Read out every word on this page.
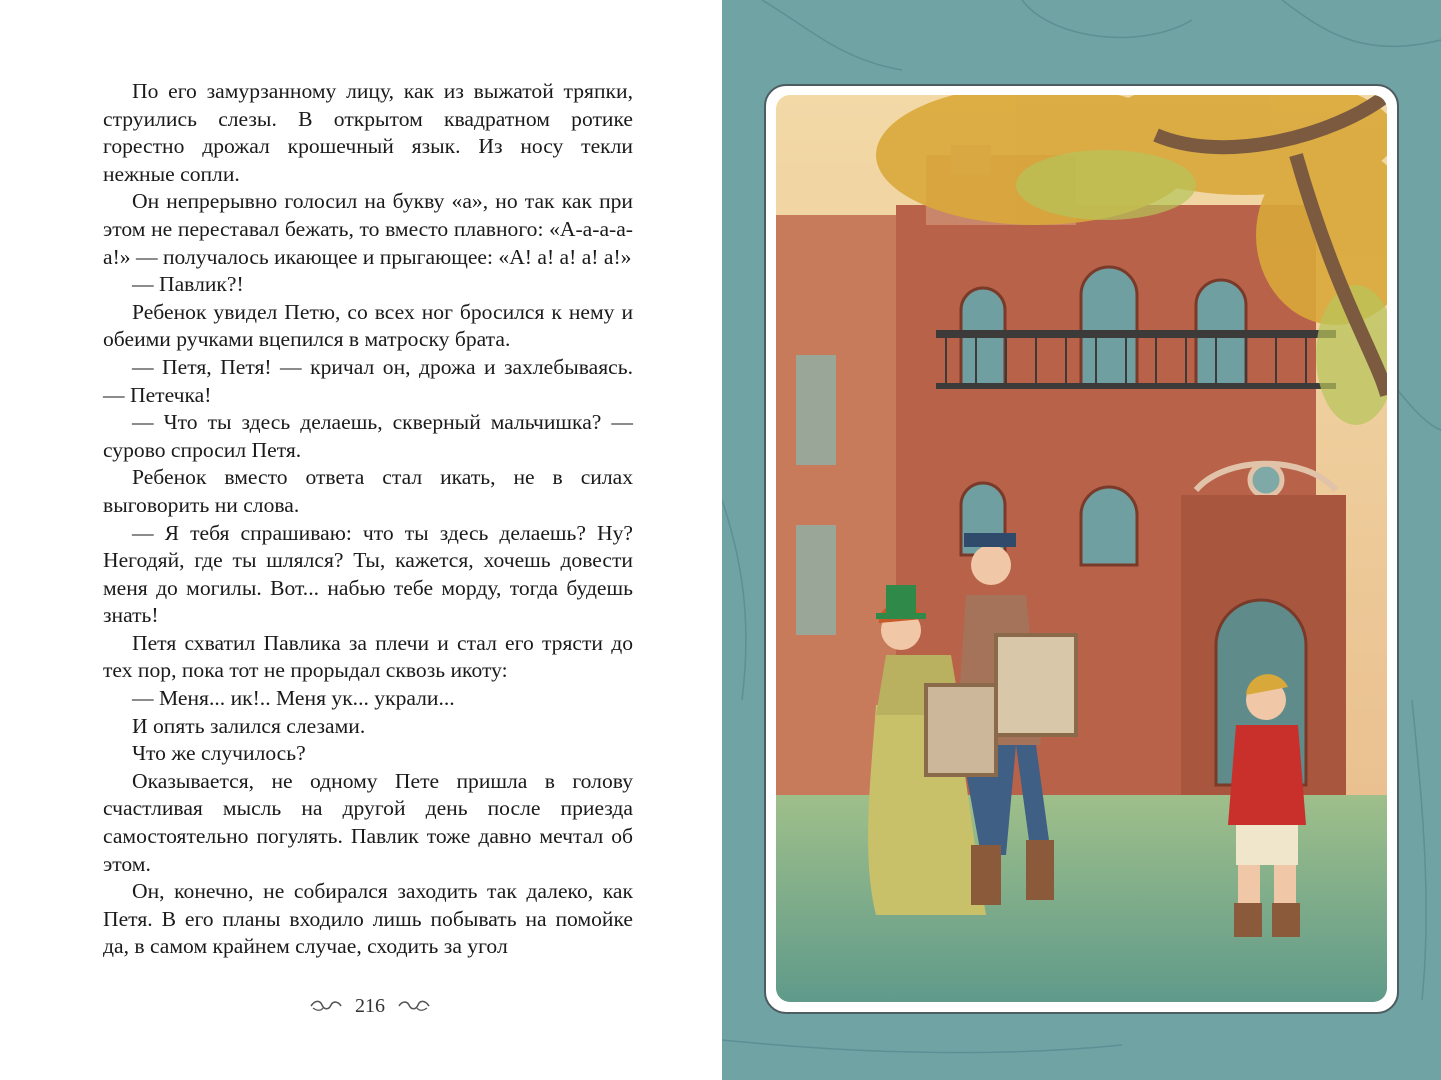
По его замурзанному лицу, как из выжатой тряпки, струились слезы. В открытом квадратном ротике горестно дрожал крошечный язык. Из носу текли нежные сопли.

Он непрерывно голосил на букву «а», но так как при этом не переставал бежать, то вместо плавного: «А-а-а-а-а!» — получалось икающее и прыгающее: «А! а! а! а! а!»

— Павлик?!

Ребенок увидел Петю, со всех ног бросился к нему и обеими ручками вцепился в матроску брата.

— Петя, Петя! — кричал он, дрожа и захлебываясь. — Петечка!

— Что ты здесь делаешь, скверный мальчишка? — сурово спросил Петя.

Ребенок вместо ответа стал икать, не в силах выговорить ни слова.

— Я тебя спрашиваю: что ты здесь делаешь? Ну? Негодяй, где ты шлялся? Ты, кажется, хочешь довести меня до могилы. Вот... набью тебе морду, тогда будешь знать!

Петя схватил Павлика за плечи и стал его трясти до тех пор, пока тот не прорыдал сквозь икоту:

— Меня... ик!.. Меня ук... украли...

И опять залился слезами.

Что же случилось?

Оказывается, не одному Пете пришла в голову счастливая мысль на другой день после приезда самостоятельно погулять. Павлик тоже давно мечтал об этом.

Он, конечно, не собирался заходить так далеко, как Петя. В его планы входило лишь побывать на помойке да, в самом крайнем случае, сходить за угол

216
